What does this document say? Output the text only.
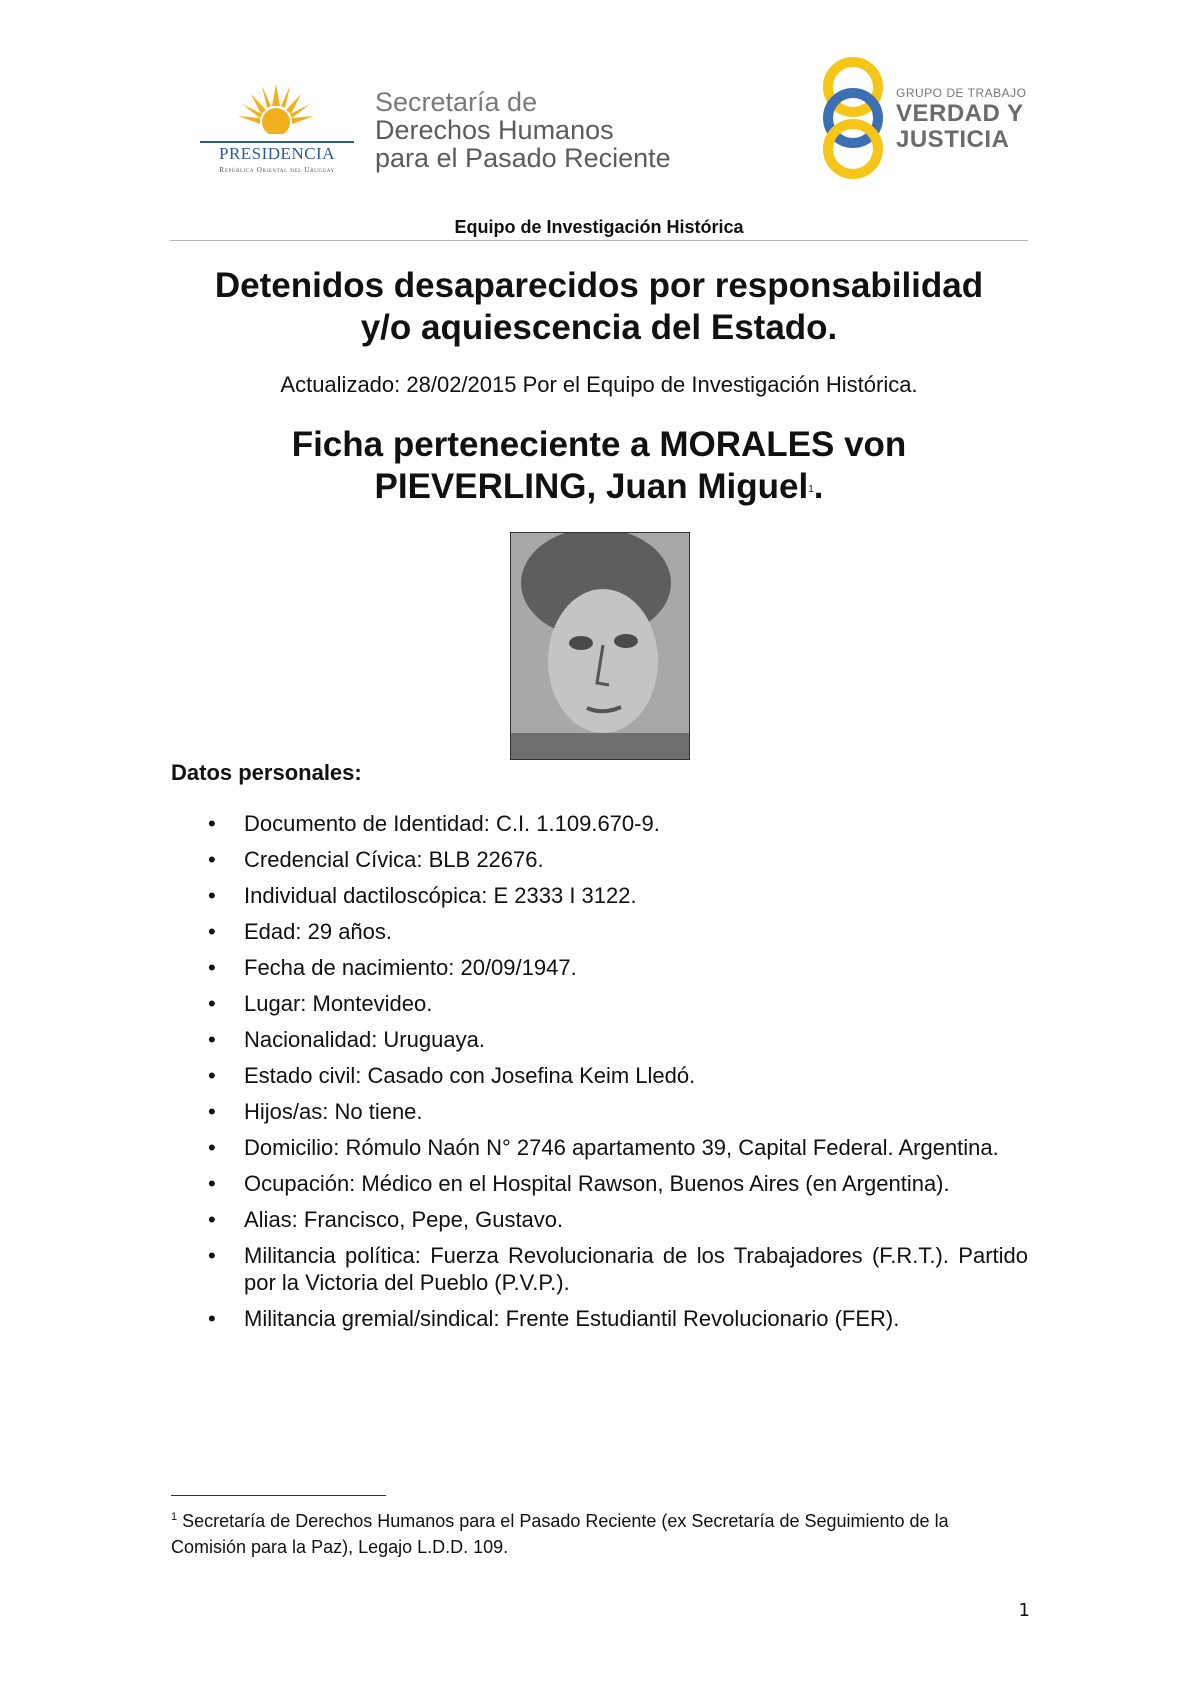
PRESIDENCIA
República Oriental del Uruguay
Secretaría de
Derechos Humanos
para el Pasado Reciente
GRUPO DE TRABAJO
VERDAD Y
JUSTICIA
Equipo de Investigación Histórica
Detenidos desaparecidos por responsabilidad
y/o aquiescencia del Estado.
Actualizado: 28/02/2015 Por el Equipo de Investigación Histórica.
Ficha perteneciente a MORALES von
PIEVERLING, Juan Miguel$^1$.
Datos personales:
• Documento de Identidad: C.I. 1.109.670-9.
• Credencial Cívica: BLB 22676.
• Individual dactiloscópica: E 2333 I 3122.
• Edad: 29 años.
• Fecha de nacimiento: 20/09/1947.
• Lugar: Montevideo.
• Nacionalidad: Uruguaya.
• Estado civil: Casado con Josefina Keim Lledó.
• Hijos/as: No tiene.
• Domicilio: Rómulo Naón N° 2746 apartamento 39, Capital Federal. Argentina.
• Ocupación: Médico en el Hospital Rawson, Buenos Aires (en Argentina).
• Alias: Francisco, Pepe, Gustavo.
• Militancia política: Fuerza Revolucionaria de los Trabajadores (F.R.T.). Partido por la Victoria del Pueblo (P.V.P.).
• Militancia gremial/sindical: Frente Estudiantil Revolucionario (FER).
$^1$ Secretaría de Derechos Humanos para el Pasado Reciente (ex Secretaría de Seguimiento de la Comisión para la Paz), Legajo L.D.D. 109.
1
